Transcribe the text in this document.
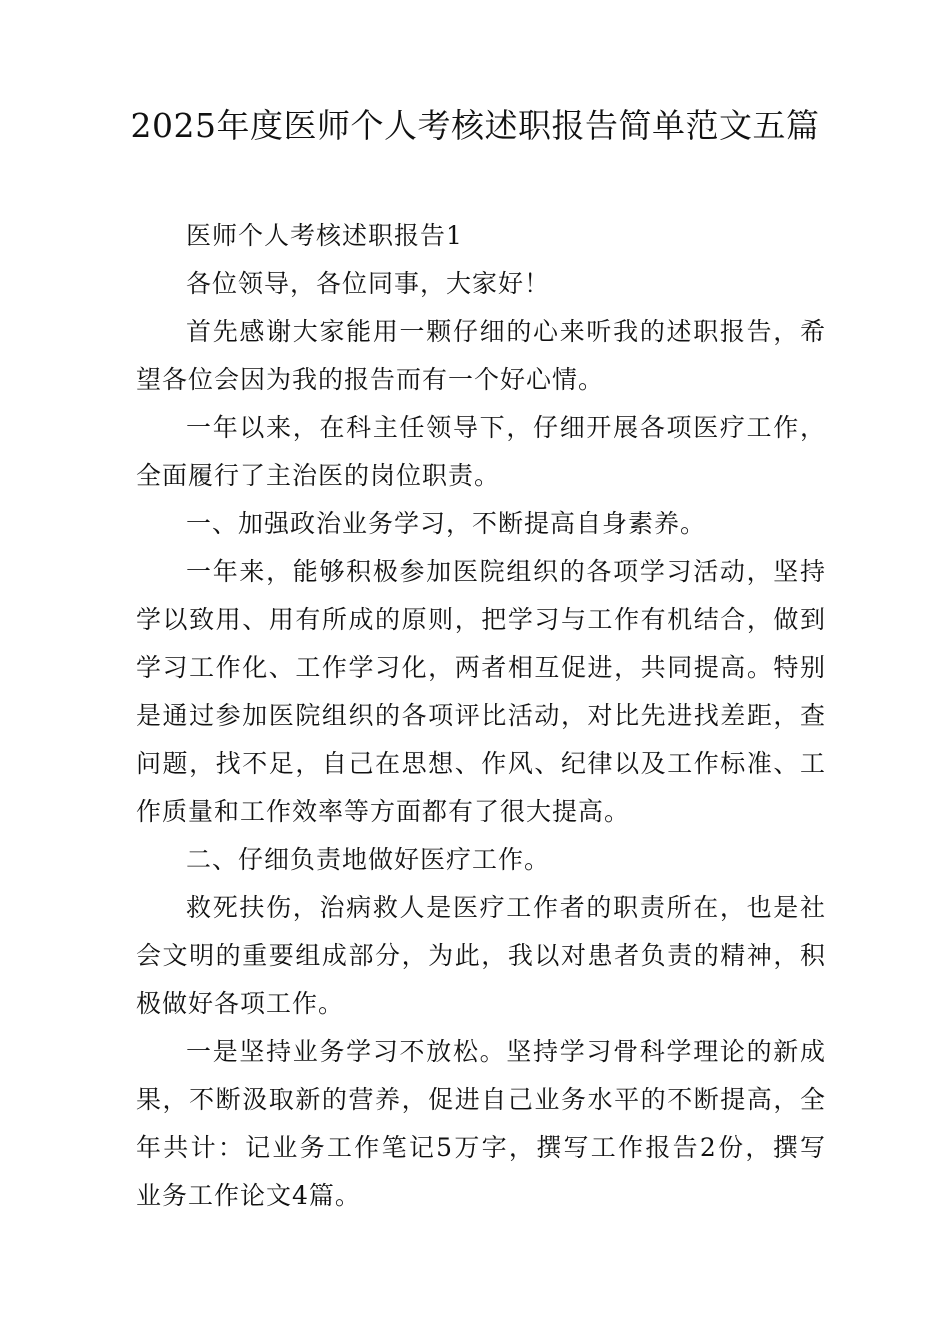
2025年度医师个人考核述职报告简单范文五篇

医师个人考核述职报告1

各位领导，各位同事，大家好！

首先感谢大家能用一颗仔细的心来听我的述职报告，希 望各位会因为我的报告而有一个好心情。

一年以来，在科主任领导下，仔细开展各项医疗工作， 全面履行了主治医的岗位职责。

一、加强政治业务学习，不断提高自身素养。

一年来，能够积极参加医院组织的各项学习活动，坚持 学以致用、用有所成的原则，把学习与工作有机结合，做到 学习工作化、工作学习化，两者相互促进，共同提高。特别 是通过参加医院组织的各项评比活动，对比先进找差距，查 问题，找不足，自己在思想、作风、纪律以及工作标准、工 作质量和工作效率等方面都有了很大提高。

二、仔细负责地做好医疗工作。

救死扶伤，治病救人是医疗工作者的职责所在，也是社 会文明的重要组成部分，为此，我以对患者负责的精神，积 极做好各项工作。

一是坚持业务学习不放松。坚持学习骨科学理论的新成果，不断汲取新的营养，促进自己业务水平的不断提高，全 年共计：记业务工作笔记5万字，撰写工作报告2份，撰写 业务工作论文4篇。
